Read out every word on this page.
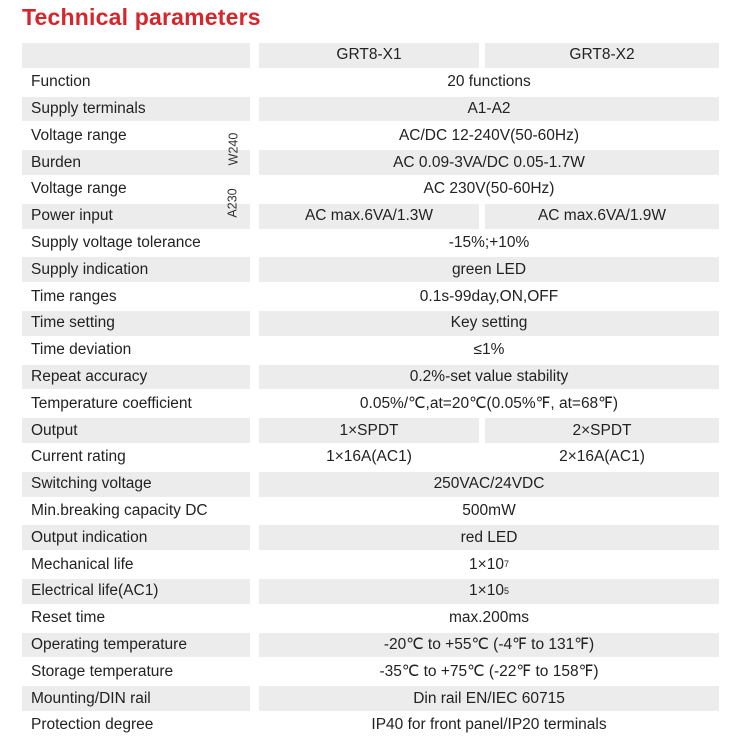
Technical parameters
GRT8-X1	GRT8-X2
Function	20 functions
Supply terminals	A1-A2
Voltage range	AC/DC 12-240V(50-60Hz)
Burden	AC 0.09-3VA/DC 0.05-1.7W
Voltage range	AC 230V(50-60Hz)
Power input	AC max.6VA/1.3W	AC max.6VA/1.9W
Supply voltage tolerance	-15%;+10%
Supply indication	green LED
Time ranges	0.1s-99day,ON,OFF
Time setting	Key setting
Time deviation	≤1%
Repeat accuracy	0.2%-set value stability
Temperature coefficient	0.05%/℃,at=20℃(0.05%℉, at=68℉)
Output	1×SPDT	2×SPDT
Current rating	1×16A(AC1)	2×16A(AC1)
Switching voltage	250VAC/24VDC
Min.breaking capacity DC	500mW
Output indication	red LED
Mechanical life	1×10 7
Electrical life(AC1)	1×10 5
Reset time	max.200ms
Operating temperature	-20℃ to +55℃ (-4℉ to 131℉)
Storage temperature	-35℃ to +75℃ (-22℉ to 158℉)
Mounting/DIN rail	Din rail EN/IEC 60715
Protection degree	IP40 for front panel/IP20 terminals
W240
A230
